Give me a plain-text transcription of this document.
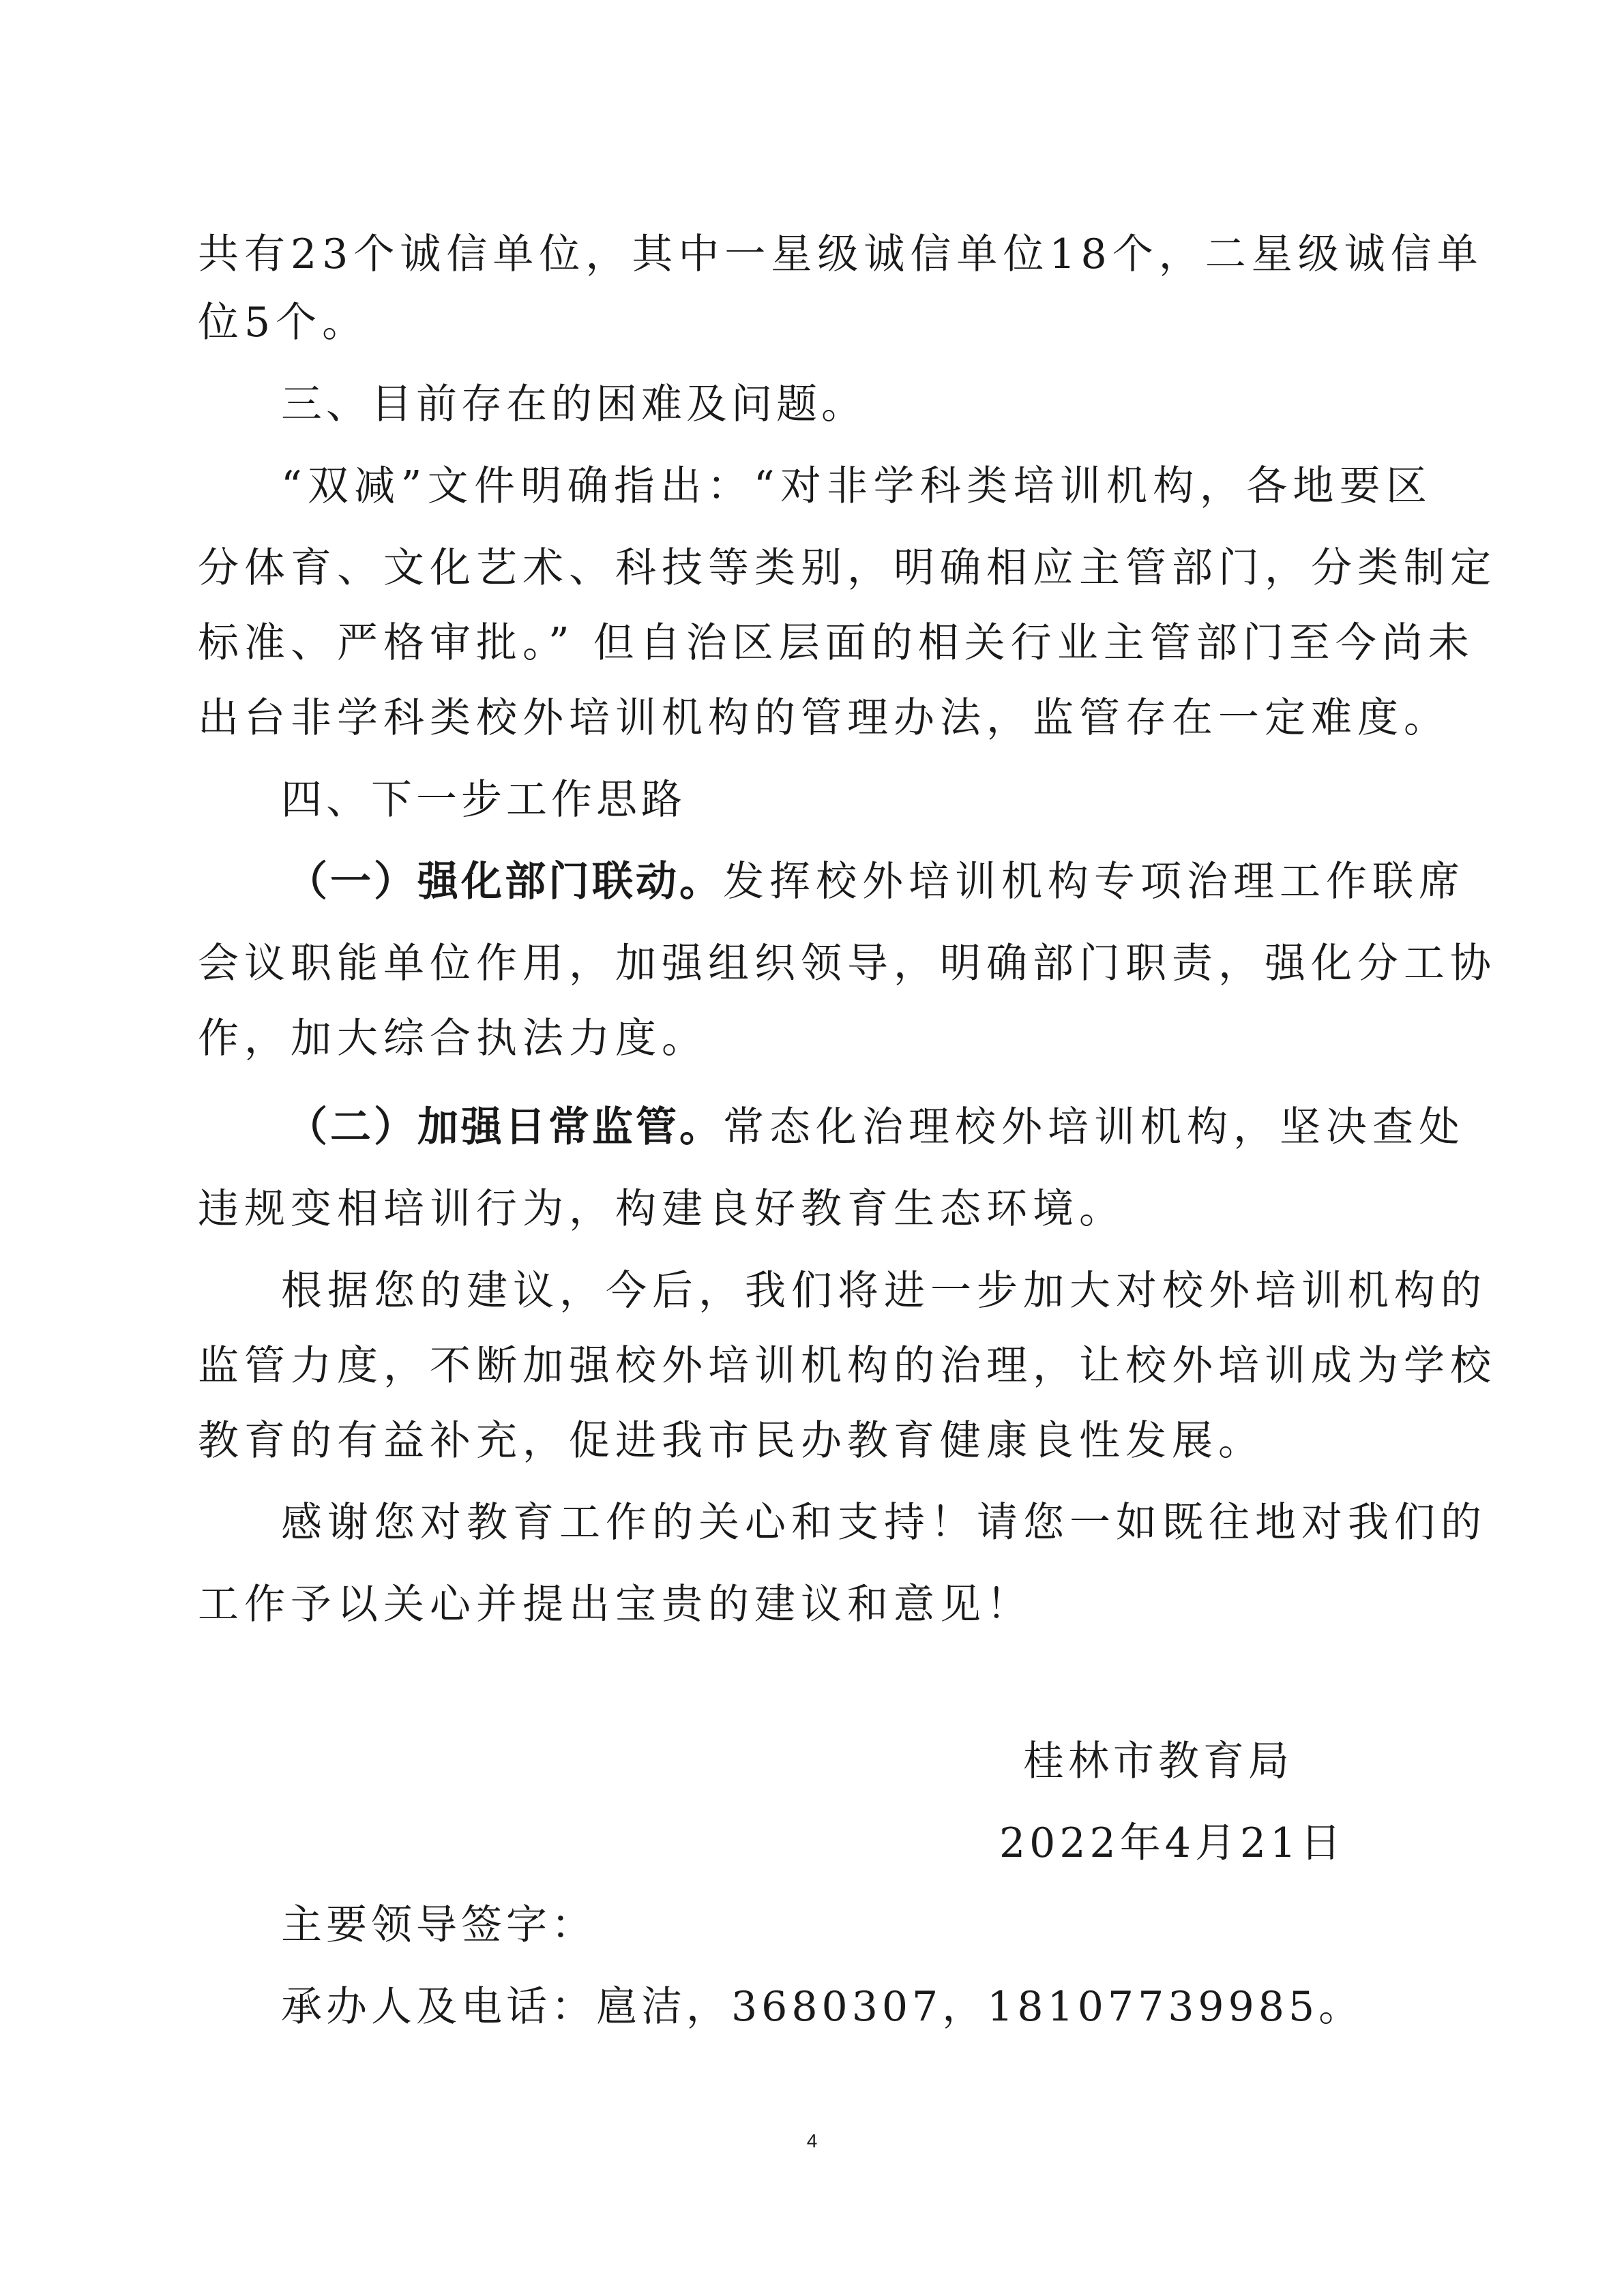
共有23个诚信单位，其中一星级诚信单位18个，二星级诚信单
位5个。
三、目前存在的困难及问题。
“双减”文件明确指出：“对非学科类培训机构，各地要区
分体育、文化艺术、科技等类别，明确相应主管部门，分类制定
标准、严格审批。” 但自治区层面的相关行业主管部门至今尚未
出台非学科类校外培训机构的管理办法，监管存在一定难度。
四、下一步工作思路
（一）强化部门联动。发挥校外培训机构专项治理工作联席
会议职能单位作用，加强组织领导，明确部门职责，强化分工协
作，加大综合执法力度。
（二）加强日常监管。常态化治理校外培训机构，坚决查处
违规变相培训行为，构建良好教育生态环境。
根据您的建议，今后，我们将进一步加大对校外培训机构的
监管力度，不断加强校外培训机构的治理，让校外培训成为学校
教育的有益补充，促进我市民办教育健康良性发展。
感谢您对教育工作的关心和支持！请您一如既往地对我们的
工作予以关心并提出宝贵的建议和意见！
桂林市教育局
2022年4月21日
主要领导签字：
承办人及电话：扈洁，3680307，18107739985。
4
